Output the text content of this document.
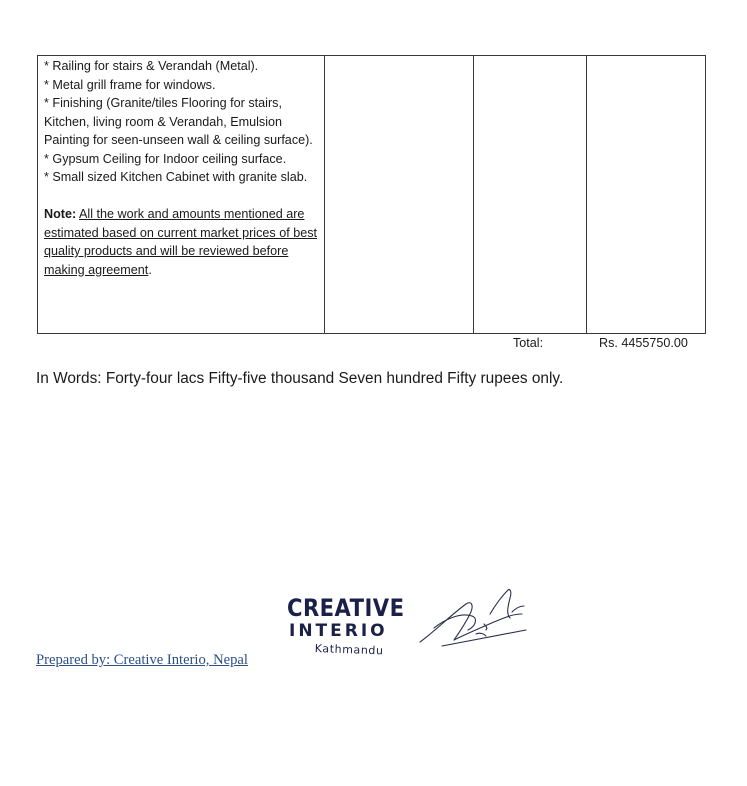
* Railing for stairs & Verandah (Metal).
* Metal grill frame for windows.
* Finishing (Granite/tiles Flooring for stairs, Kitchen, living room & Verandah, Emulsion Painting for seen-unseen wall & ceiling surface).
* Gypsum Ceiling for Indoor ceiling surface.
* Small sized Kitchen Cabinet with granite slab.
Note: All the work and amounts mentioned are estimated based on current market prices of best quality products and will be reviewed before making agreement.			
Total:	Rs. 4455750.00
In Words: Forty-four lacs Fifty-five thousand Seven hundred Fifty rupees only.
CREATIVE
INTERIO
Kathmandu
Prepared by: Creative Interio, Nepal
